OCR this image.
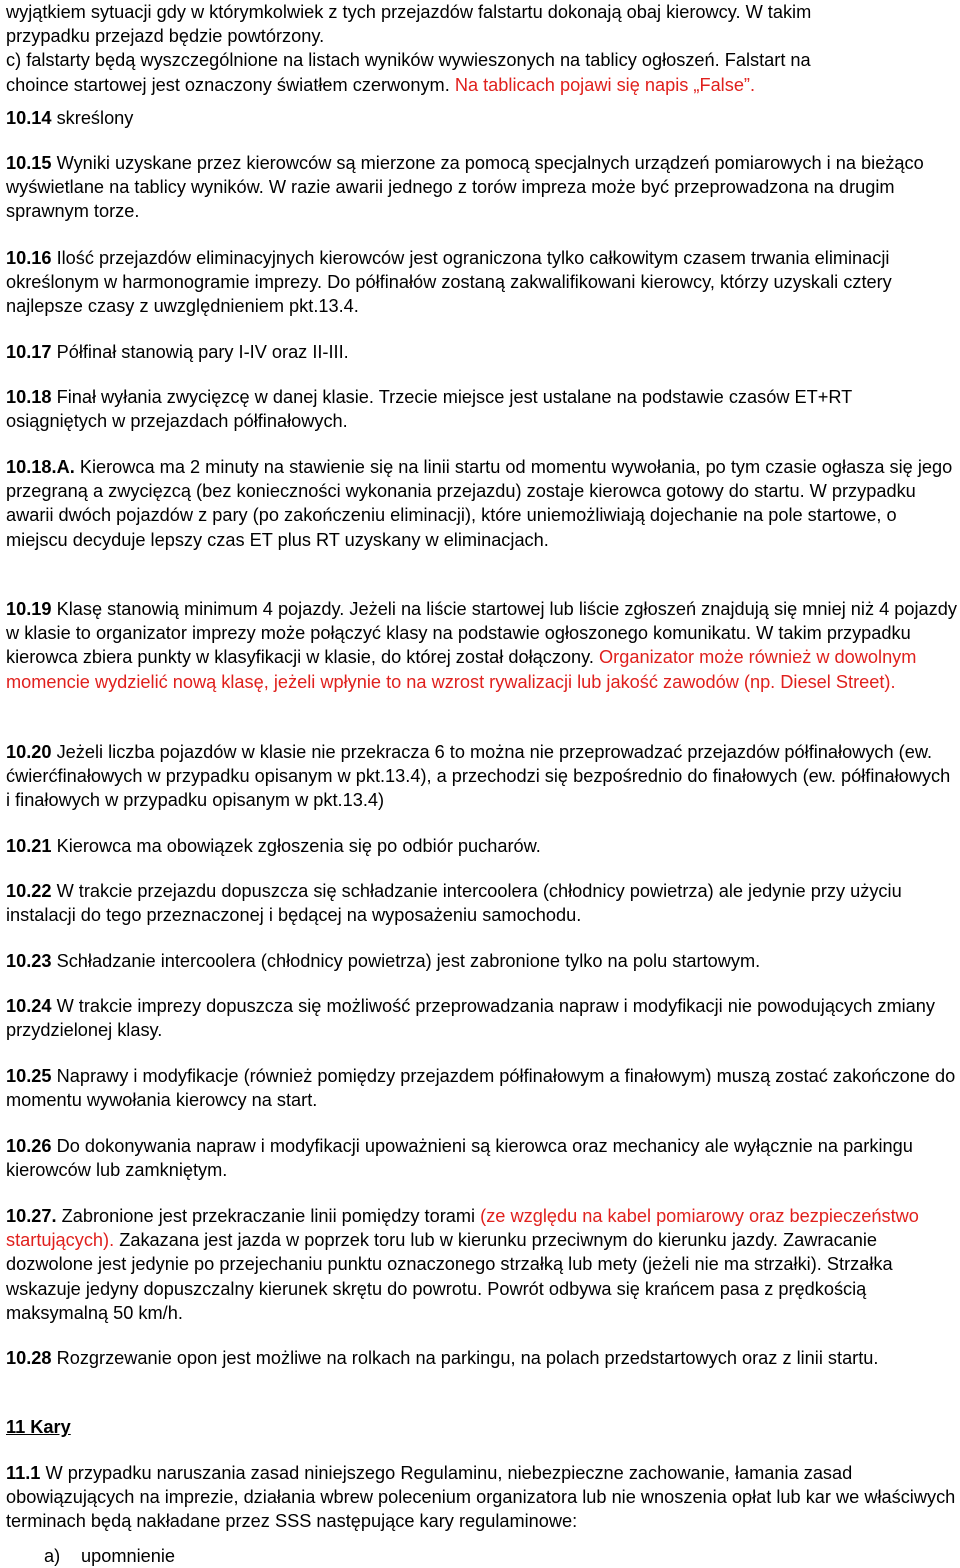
wyjątkiem sytuacji gdy w którymkolwiek z tych przejazdów falstartu dokonają obaj kierowcy. W takim
przypadku przejazd będzie powtórzony.
c) falstarty będą wyszczególnione na listach wyników wywieszonych na tablicy ogłoszeń. Falstart na
choince startowej jest oznaczony światłem czerwonym. Na tablicach pojawi się napis „False”.
10.14 skreślony
10.15 Wyniki uzyskane przez kierowców są mierzone za pomocą specjalnych urządzeń pomiarowych i na bieżąco wyświetlane na tablicy wyników. W razie awarii jednego z torów impreza może być przeprowadzona na drugim sprawnym torze.
10.16 Ilość przejazdów eliminacyjnych kierowców jest ograniczona tylko całkowitym czasem trwania eliminacji określonym w harmonogramie imprezy. Do półfinałów zostaną zakwalifikowani kierowcy, którzy uzyskali cztery najlepsze czasy z uwzględnieniem pkt.13.4.
10.17 Półfinał stanowią pary I-IV oraz II-III.
10.18 Finał wyłania zwycięzcę w danej klasie. Trzecie miejsce jest ustalane na podstawie czasów ET+RT osiągniętych w przejazdach półfinałowych.
10.18.A. Kierowca ma 2 minuty na stawienie się na linii startu od momentu wywołania, po tym czasie ogłasza się jego przegraną a zwycięzcą (bez konieczności wykonania przejazdu) zostaje kierowca gotowy do startu. W przypadku awarii dwóch pojazdów z pary (po zakończeniu eliminacji), które uniemożliwiają dojechanie na pole startowe, o miejscu decyduje lepszy czas ET plus RT uzyskany w eliminacjach.
10.19 Klasę stanowią minimum 4 pojazdy. Jeżeli na liście startowej lub liście zgłoszeń znajdują się mniej niż 4 pojazdy w klasie to organizator imprezy może połączyć klasy na podstawie ogłoszonego komunikatu. W takim przypadku kierowca zbiera punkty w klasyfikacji w klasie, do której został dołączony. Organizator może również w dowolnym momencie wydzielić nową klasę, jeżeli wpłynie to na wzrost rywalizacji lub jakość zawodów (np. Diesel Street).
10.20 Jeżeli liczba pojazdów w klasie nie przekracza 6 to można nie przeprowadzać przejazdów półfinałowych (ew. ćwierćfinałowych w przypadku opisanym w pkt.13.4), a przechodzi się bezpośrednio do finałowych (ew. półfinałowych i finałowych w przypadku opisanym w pkt.13.4)
10.21 Kierowca ma obowiązek zgłoszenia się po odbiór pucharów.
10.22 W trakcie przejazdu dopuszcza się schładzanie intercoolera (chłodnicy powietrza) ale jedynie przy użyciu instalacji do tego przeznaczonej i będącej na wyposażeniu samochodu.
10.23 Schładzanie intercoolera (chłodnicy powietrza) jest zabronione tylko na polu startowym.
10.24 W trakcie imprezy dopuszcza się możliwość przeprowadzania napraw i modyfikacji nie powodujących zmiany przydzielonej klasy.
10.25 Naprawy i modyfikacje (również pomiędzy przejazdem półfinałowym a finałowym) muszą zostać zakończone do momentu wywołania kierowcy na start.
10.26 Do dokonywania napraw i modyfikacji upoważnieni są kierowca oraz mechanicy ale wyłącznie na parkingu kierowców lub zamkniętym.
10.27. Zabronione jest przekraczanie linii pomiędzy torami (ze względu na kabel pomiarowy oraz bezpieczeństwo startujących). Zakazana jest jazda w poprzek toru lub w kierunku przeciwnym do kierunku jazdy. Zawracanie dozwolone jest jedynie po przejechaniu punktu oznaczonego strzałką lub mety (jeżeli nie ma strzałki). Strzałka wskazuje jedyny dopuszczalny kierunek skrętu do powrotu. Powrót odbywa się krańcem pasa z prędkością maksymalną 50 km/h.
10.28 Rozgrzewanie opon jest możliwe na rolkach na parkingu, na polach przedstartowych oraz z linii startu.
11 Kary
11.1 W przypadku naruszania zasad niniejszego Regulaminu, niebezpieczne zachowanie, łamania zasad obowiązujących na imprezie, działania wbrew polecenium organizatora lub nie wnoszenia opłat lub kar we właściwych terminach będą nakładane przez SSS następujące kary regulaminowe:
a) upomnienie
